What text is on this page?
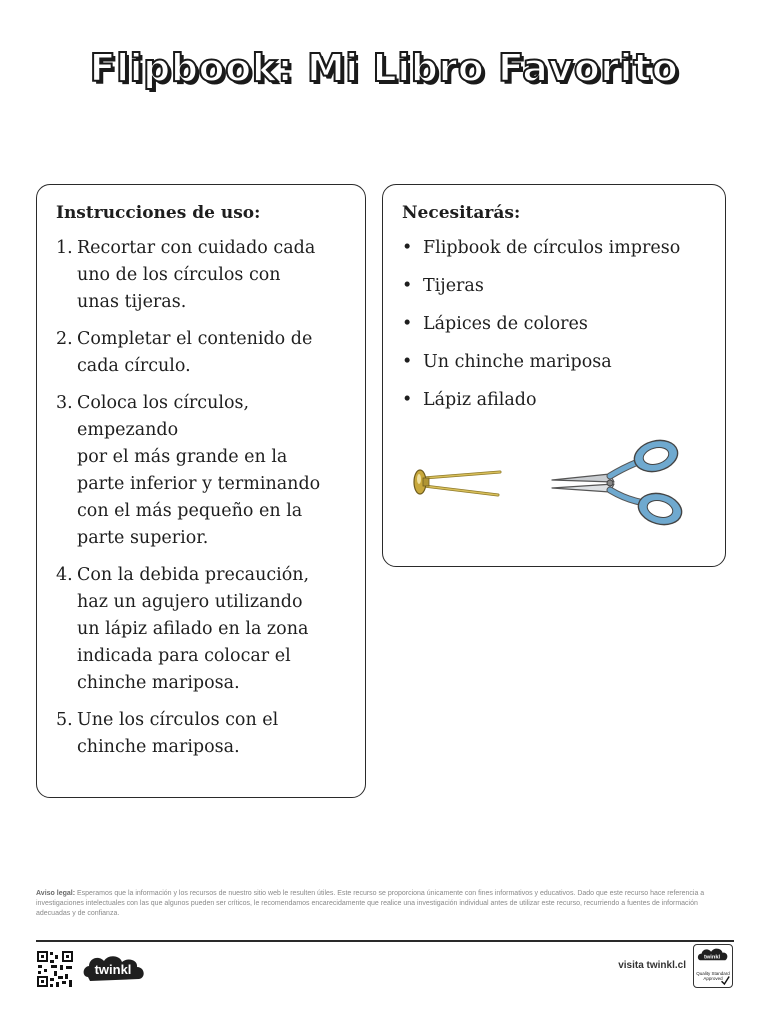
Flipbook: Mi Libro Favorito
Instrucciones de uso:
1. Recortar con cuidado cada
uno de los círculos con
unas tijeras.
2. Completar el contenido de
cada círculo.
3. Coloca los círculos, empezando
por el más grande en la
parte inferior y terminando
con el más pequeño en la
parte superior.
4. Con la debida precaución,
haz un agujero utilizando
un lápiz afilado en la zona
indicada para colocar el
chinche mariposa.
5. Une los círculos con el
chinche mariposa.
Necesitarás:
• Flipbook de círculos impreso
• Tijeras
• Lápices de colores
• Un chinche mariposa
• Lápiz afilado

Aviso legal: Esperamos que la información y los recursos de nuestro sitio web le resulten útiles. Este recurso se proporciona únicamente con fines informativos y educativos. Dado que este recurso hace referencia a investigaciones intelectuales con las que algunos pueden ser críticos, le recomendamos encarecidamente que realice una investigación individual antes de utilizar este recurso, recurriendo a fuentes de información adecuadas y de confianza.

twinkl	visita twinkl.cl
twinkl
Quality Standard Approved
